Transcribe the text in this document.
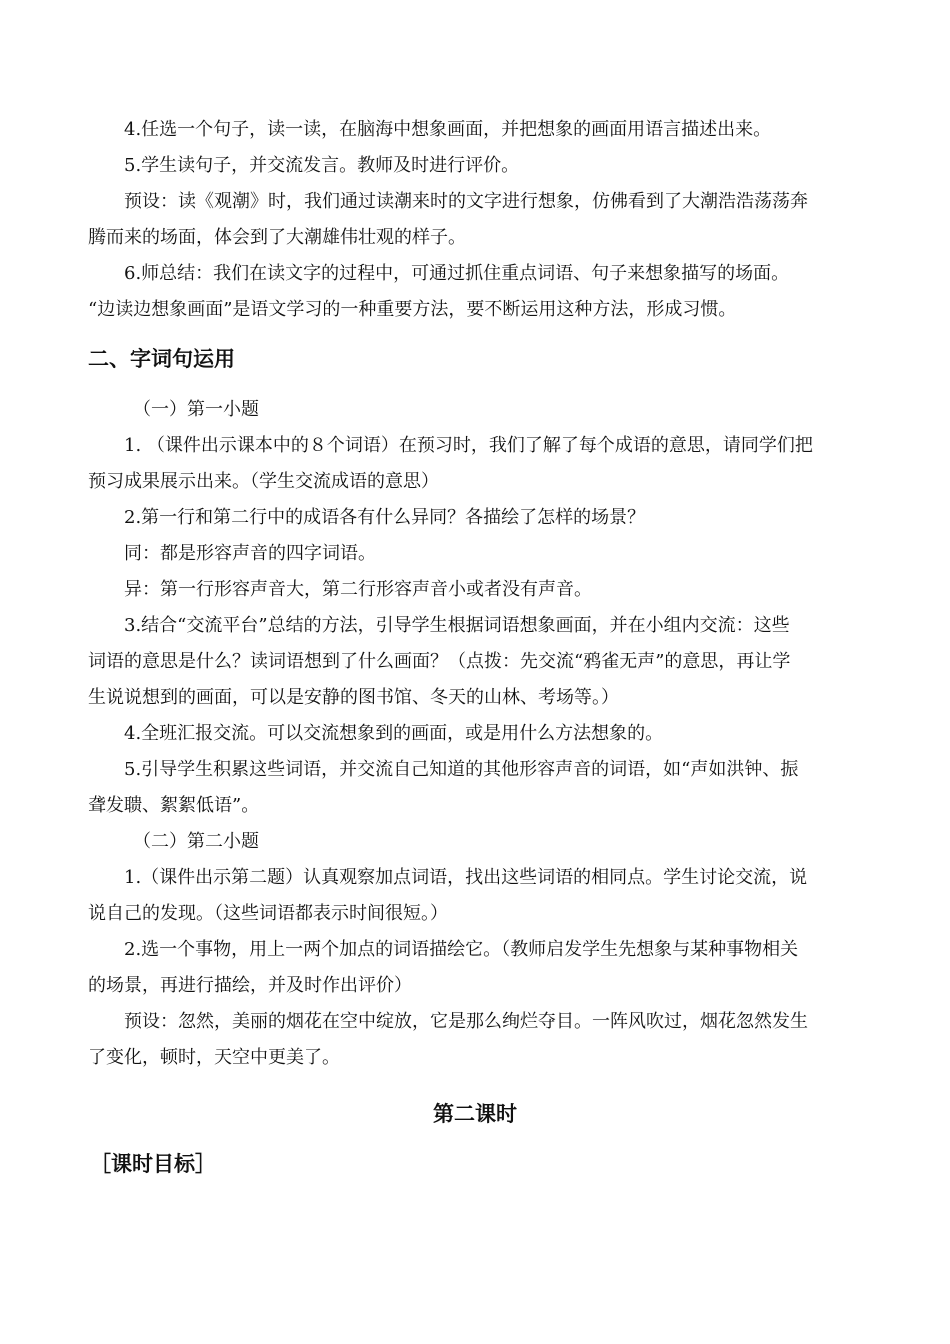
4.任选一个句子，读一读，在脑海中想象画面，并把想象的画面用语言描述出来。

5.学生读句子，并交流发言。教师及时进行评价。

预设：读《观潮》时，我们通过读潮来时的文字进行想象，仿佛看到了大潮浩浩荡荡奔

腾而来的场面，体会到了大潮雄伟壮观的样子。

6.师总结：我们在读文字的过程中，可通过抓住重点词语、句子来想象描写的场面。

“边读边想象画面”是语文学习的一种重要方法，要不断运用这种方法，形成习惯。

二、字词句运用

（一）第一小题

1. （课件出示课本中的８个词语）在预习时，我们了解了每个成语的意思，请同学们把

预习成果展示出来。（学生交流成语的意思）

2.第一行和第二行中的成语各有什么异同？各描绘了怎样的场景？

同：都是形容声音的四字词语。

异：第一行形容声音大，第二行形容声音小或者没有声音。

3.结合“交流平台”总结的方法，引导学生根据词语想象画面，并在小组内交流：这些

词语的意思是什么？读词语想到了什么画面？（点拨：先交流“鸦雀无声”的意思，再让学

生说说想到的画面，可以是安静的图书馆、冬天的山林、考场等。）

4.全班汇报交流。可以交流想象到的画面，或是用什么方法想象的。

5.引导学生积累这些词语，并交流自己知道的其他形容声音的词语，如“声如洪钟、振

聋发聩、絮絮低语”。

（二）第二小题

1.（课件出示第二题）认真观察加点词语，找出这些词语的相同点。学生讨论交流，说

说自己的发现。（这些词语都表示时间很短。）

2.选一个事物，用上一两个加点的词语描绘它。（教师启发学生先想象与某种事物相关

的场景，再进行描绘，并及时作出评价）

预设：忽然，美丽的烟花在空中绽放，它是那么绚烂夺目。一阵风吹过，烟花忽然发生

了变化，顿时，天空中更美了。

第二课时
［课时目标］
